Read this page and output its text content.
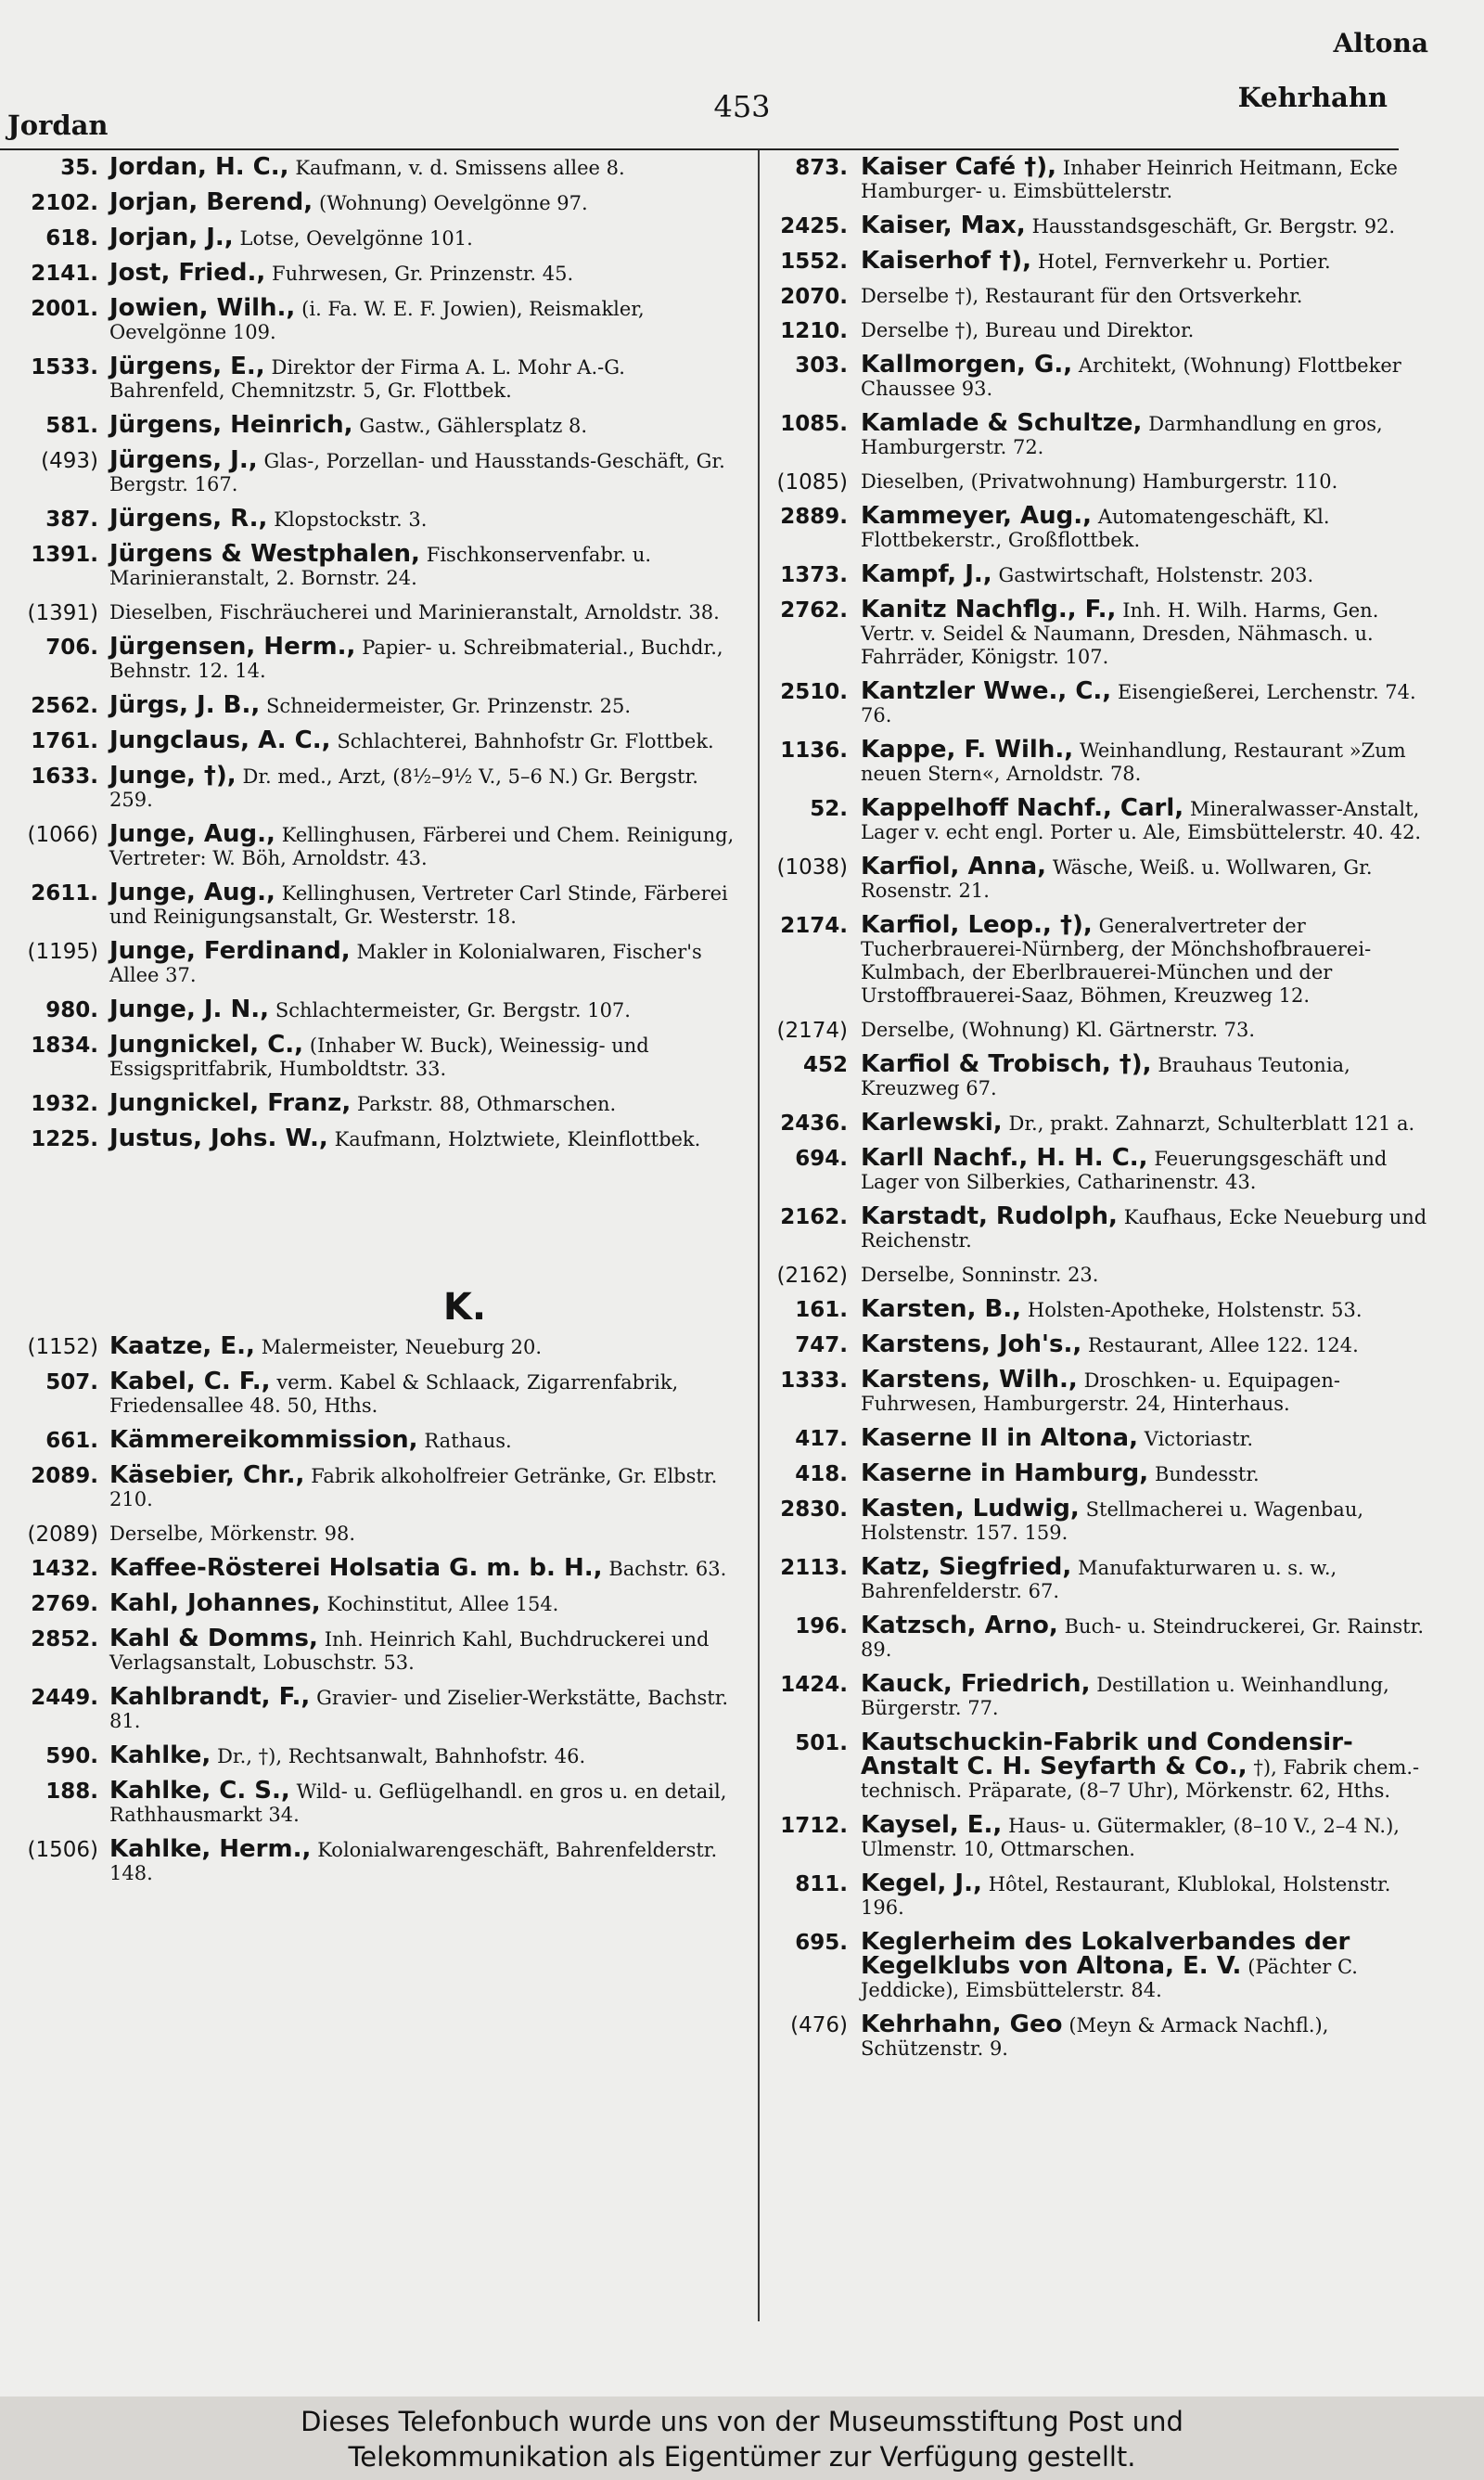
Altona
Jordan
453	Kehrhahn
35. Jordan, H. C., Kaufmann, v. d. Smissens allee 8.
2102. Jorjan, Berend, (Wohnung) Oevelgönne 97.
618. Jorjan, J., Lotse, Oevelgönne 101.
2141. Jost, Fried., Fuhrwesen, Gr. Prinzenstr. 45.
2001. Jowien, Wilh., (i. Fa. W. E. F. Jowien), Reismakler, Oevelgönne 109.
1533. Jürgens, E., Direktor der Firma A. L. Mohr A.-G. Bahrenfeld, Chemnitzstr. 5, Gr. Flottbek.
581. Jürgens, Heinrich, Gastw., Gählersplatz 8.
(493) Jürgens, J., Glas-, Porzellan- und Hausstands-Geschäft, Gr. Bergstr. 167.
387. Jürgens, R., Klopstockstr. 3.
1391. Jürgens & Westphalen, Fischkonservenfabr. u. Marinieranstalt, 2. Bornstr. 24.
(1391) Dieselben, Fischräucherei und Marinieranstalt, Arnoldstr. 38.
706. Jürgensen, Herm., Papier- u. Schreibmaterial., Buchdr., Behnstr. 12. 14.
2562. Jürgs, J. B., Schneidermeister, Gr. Prinzenstr. 25.
1761. Jungclaus, A. C., Schlachterei, Bahnhofstr Gr. Flottbek.
1633. Junge, †), Dr. med., Arzt, (8½–9½ V., 5–6 N.) Gr. Bergstr. 259.
(1066) Junge, Aug., Kellinghusen, Färberei und Chem. Reinigung, Vertreter: W. Böh, Arnoldstr. 43.
2611. Junge, Aug., Kellinghusen, Vertreter Carl Stinde, Färberei und Reinigungsanstalt, Gr. Westerstr. 18.
(1195) Junge, Ferdinand, Makler in Kolonialwaren, Fischer's Allee 37.
980. Junge, J. N., Schlachtermeister, Gr. Bergstr. 107.
1834. Jungnickel, C., (Inhaber W. Buck), Weinessig- und Essigspritfabrik, Humboldtstr. 33.
1932. Jungnickel, Franz, Parkstr. 88, Othmarschen.
1225. Justus, Johs. W., Kaufmann, Holztwiete, Kleinflottbek.
K.
(1152) Kaatze, E., Malermeister, Neueburg 20.
507. Kabel, C. F., verm. Kabel & Schlaack, Zigarrenfabrik, Friedensallee 48. 50, Hths.
661. Kämmereikommission, Rathaus.
2089. Käsebier, Chr., Fabrik alkoholfreier Getränke, Gr. Elbstr. 210.
(2089) Derselbe, Mörkenstr. 98.
1432. Kaffee-Rösterei Holsatia G. m. b. H., Bachstr. 63.
2769. Kahl, Johannes, Kochinstitut, Allee 154.
2852. Kahl & Domms, Inh. Heinrich Kahl, Buchdruckerei und Verlagsanstalt, Lobuschstr. 53.
2449. Kahlbrandt, F., Gravier- und Ziselier-Werkstätte, Bachstr. 81.
590. Kahlke, Dr., †), Rechtsanwalt, Bahnhofstr. 46.
188. Kahlke, C. S., Wild- u. Geflügelhandl. en gros u. en detail, Rathhausmarkt 34.
(1506) Kahlke, Herm., Kolonialwarengeschäft, Bahrenfelderstr. 148.
873. Kaiser Café †), Inhaber Heinrich Heitmann, Ecke Hamburger- u. Eimsbüttelerstr.
2425. Kaiser, Max, Hausstandsgeschäft, Gr. Bergstr. 92.
1552. Kaiserhof †), Hotel, Fernverkehr u. Portier.
2070. Derselbe †), Restaurant für den Ortsverkehr.
1210. Derselbe †), Bureau und Direktor.
303. Kallmorgen, G., Architekt, (Wohnung) Flottbeker Chaussee 93.
1085. Kamlade & Schultze, Darmhandlung en gros, Hamburgerstr. 72.
(1085) Dieselben, (Privatwohnung) Hamburgerstr. 110.
2889. Kammeyer, Aug., Automatengeschäft, Kl. Flottbekerstr., Großflottbek.
1373. Kampf, J., Gastwirtschaft, Holstenstr. 203.
2762. Kanitz Nachflg., F., Inh. H. Wilh. Harms, Gen. Vertr. v. Seidel & Naumann, Dresden, Nähmasch. u. Fahrräder, Königstr. 107.
2510. Kantzler Wwe., C., Eisengießerei, Lerchenstr. 74. 76.
1136. Kappe, F. Wilh., Weinhandlung, Restaurant »Zum neuen Stern«, Arnoldstr. 78.
52. Kappelhoff Nachf., Carl, Mineralwasser-Anstalt, Lager v. echt engl. Porter u. Ale, Eimsbüttelerstr. 40. 42.
(1038) Karfiol, Anna, Wäsche, Weiß. u. Wollwaren, Gr. Rosenstr. 21.
2174. Karfiol, Leop., †), Generalvertreter der Tucherbrauerei-Nürnberg, der Mönchshofbrauerei-Kulmbach, der Eberlbrauerei-München und der Urstoffbrauerei-Saaz, Böhmen, Kreuzweg 12.
(2174) Derselbe, (Wohnung) Kl. Gärtnerstr. 73.
452 Karfiol & Trobisch, †), Brauhaus Teutonia, Kreuzweg 67.
2436. Karlewski, Dr., prakt. Zahnarzt, Schulterblatt 121 a.
694. Karll Nachf., H. H. C., Feuerungsgeschäft und Lager von Silberkies, Catharinenstr. 43.
2162. Karstadt, Rudolph, Kaufhaus, Ecke Neueburg und Reichenstr.
(2162) Derselbe, Sonninstr. 23.
161. Karsten, B., Holsten-Apotheke, Holstenstr. 53.
747. Karstens, Joh's., Restaurant, Allee 122. 124.
1333. Karstens, Wilh., Droschken- u. Equipagen-Fuhrwesen, Hamburgerstr. 24, Hinterhaus.
417. Kaserne II in Altona, Victoriastr.
418. Kaserne in Hamburg, Bundesstr.
2830. Kasten, Ludwig, Stellmacherei u. Wagenbau, Holstenstr. 157. 159.
2113. Katz, Siegfried, Manufakturwaren u. s. w., Bahrenfelderstr. 67.
196. Katzsch, Arno, Buch- u. Steindruckerei, Gr. Rainstr. 89.
1424. Kauck, Friedrich, Destillation u. Weinhandlung, Bürgerstr. 77.
501. Kautschuckin-Fabrik und Condensir-Anstalt C. H. Seyfarth & Co., †), Fabrik chem.-technisch. Präparate, (8–7 Uhr), Mörkenstr. 62, Hths.
1712. Kaysel, E., Haus- u. Gütermakler, (8–10 V., 2–4 N.), Ulmenstr. 10, Ottmarschen.
811. Kegel, J., Hôtel, Restaurant, Klublokal, Holstenstr. 196.
695. Keglerheim des Lokalverbandes der Kegelklubs von Altona, E. V. (Pächter C. Jeddicke), Eimsbüttelerstr. 84.
(476) Kehrhahn, Geo (Meyn & Armack Nachfl.), Schützenstr. 9.
Dieses Telefonbuch wurde uns von der Museumsstiftung Post und
Telekommunikation als Eigentümer zur Verfügung gestellt.
